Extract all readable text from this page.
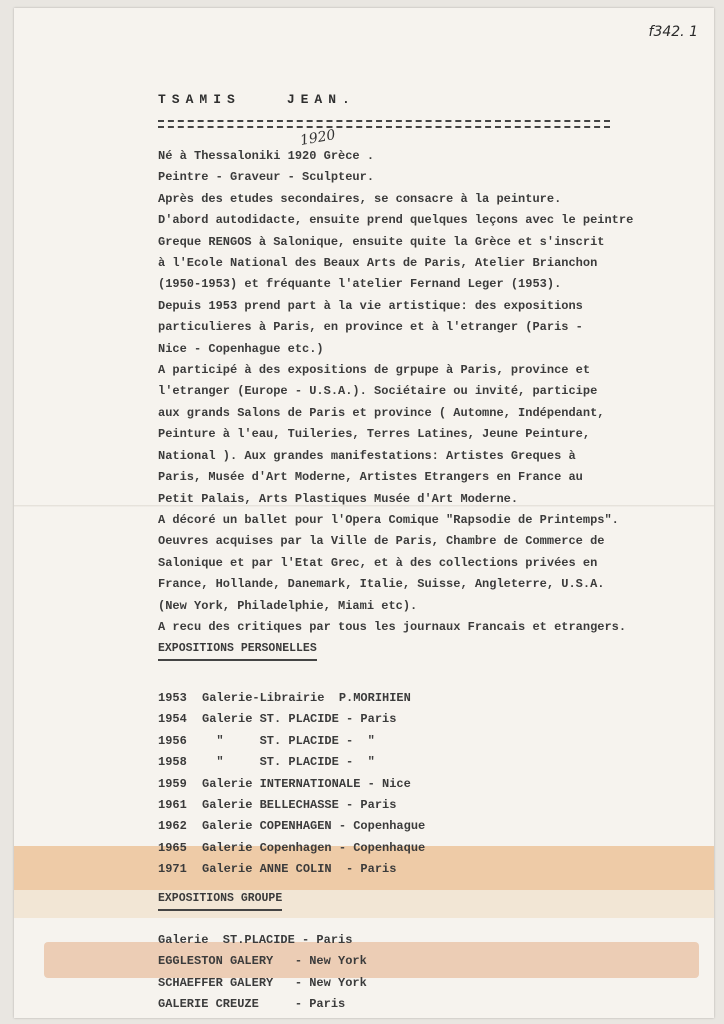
f342. 1
TSAMIS	JEAN.
1920
Né à Thessaloniki 1920 Grèce .
Peintre - Graveur - Sculpteur.
Après des etudes secondaires, se consacre à la peinture.
D'abord autodidacte, ensuite prend quelques leçons avec le peintre
Greque RENGOS à Salonique, ensuite quite la Grèce et s'inscrit
à l'Ecole National des Beaux Arts de Paris, Atelier Brianchon
(1950-1953) et fréquante l'atelier Fernand Leger (1953).
Depuis 1953 prend part à la vie artistique: des expositions
particulieres à Paris, en province et à l'etranger (Paris -
Nice - Copenhague etc.)
A participé à des expositions de grpupe à Paris, province et
l'etranger (Europe - U.S.A.). Sociétaire ou invité, participe
aux grands Salons de Paris et province ( Automne, Indépendant,
Peinture à l'eau, Tuileries, Terres Latines, Jeune Peinture,
National ). Aux grandes manifestations: Artistes Greques à
Paris, Musée d'Art Moderne, Artistes Etrangers en France au
Petit Palais, Arts Plastiques Musée d'Art Moderne.
A décoré un ballet pour l'Opera Comique "Rapsodie de Printemps".
Oeuvres acquises par la Ville de Paris, Chambre de Commerce de
Salonique et par l'Etat Grec, et à des collections privées en
France, Hollande, Danemark, Italie, Suisse, Angleterre, U.S.A.
(New York, Philadelphie, Miami etc).
A recu des critiques par tous les journaux Francais et etrangers.
EXPOSITIONS PERSONELLES
1953	Galerie-Librairie  P.MORIHIEN
1954	Galerie ST. PLACIDE - Paris
1956	"     ST. PLACIDE -  "
1958	"     ST. PLACIDE -  "
1959	Galerie INTERNATIONALE - Nice
1961	Galerie BELLECHASSE - Paris
1962	Galerie COPENHAGEN - Copenhague
1965	Galerie Copenhagen - Copenhaque
1971	Galerie ANNE COLIN  - Paris
EXPOSITIONS GROUPE
Galerie  ST.PLACIDE - Paris
EGGLESTON GALERY   - New York
SCHAEFFER GALERY   - New York
GALERIE CREUZE     - Paris
